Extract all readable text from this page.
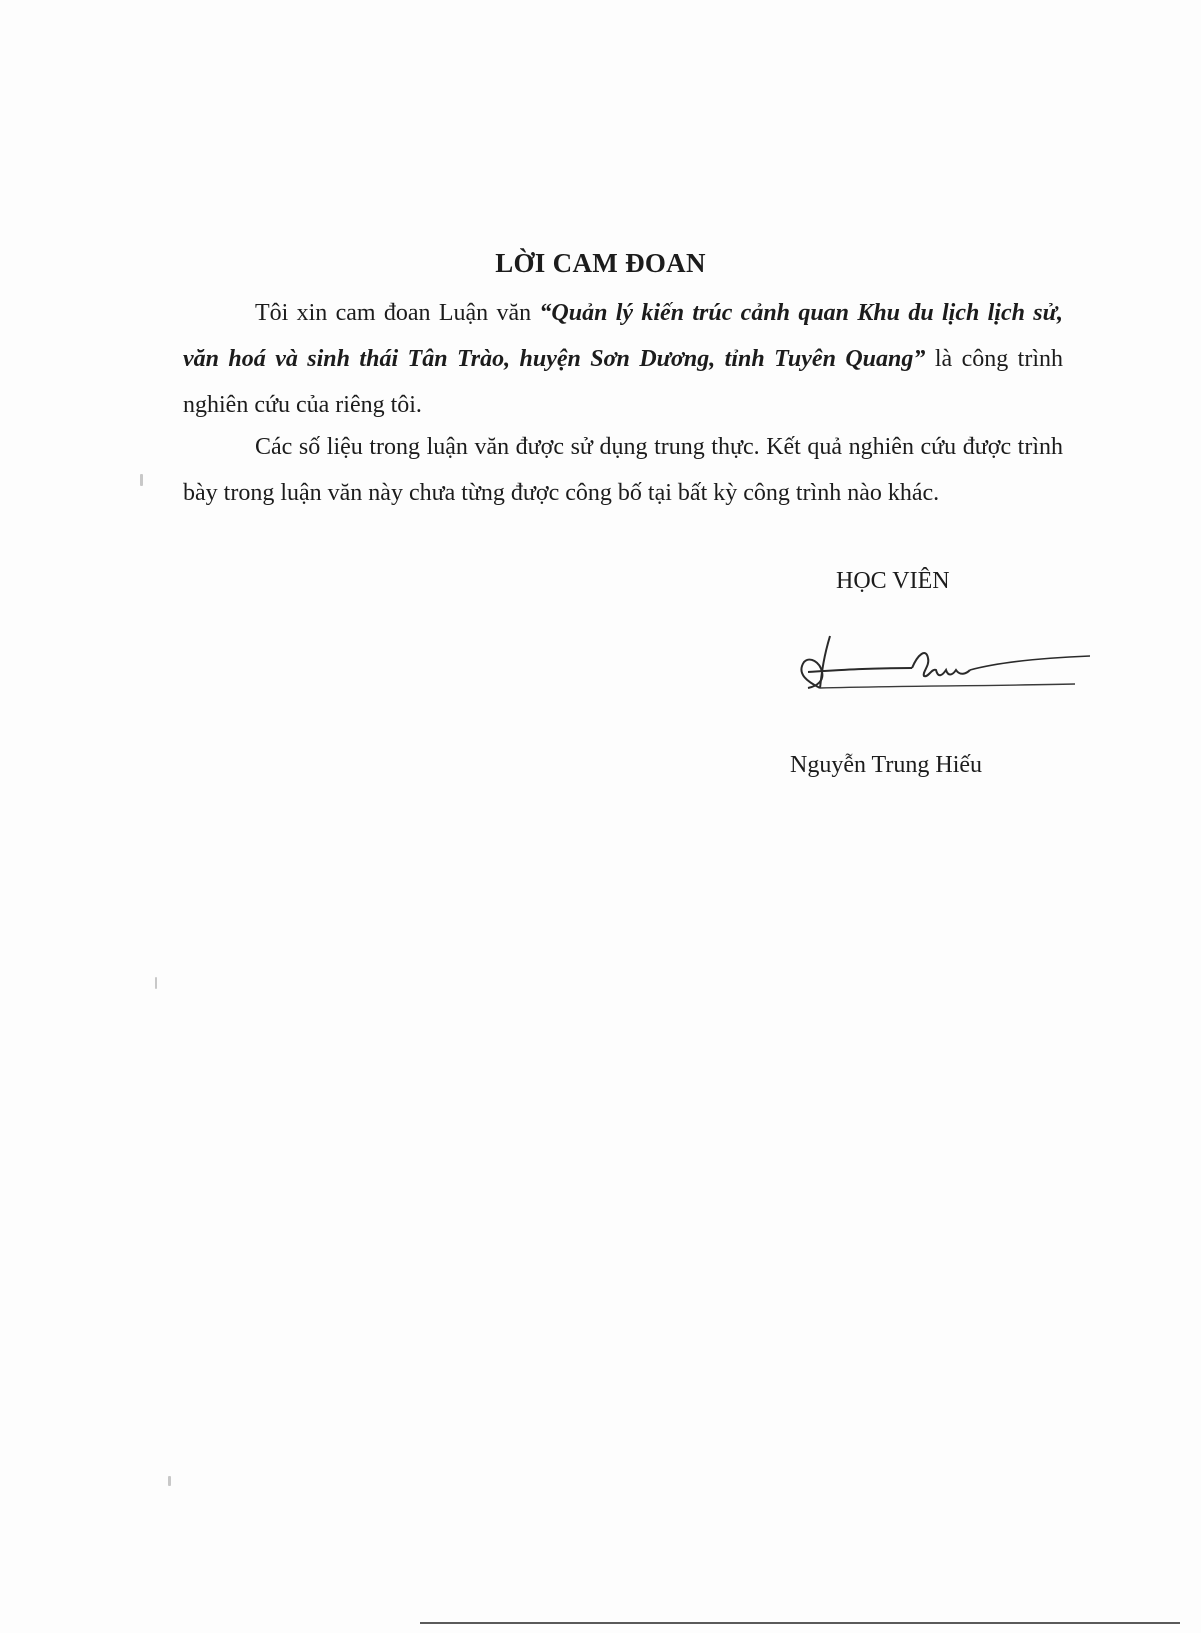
LỜI CAM ĐOAN

Tôi xin cam đoan Luận văn “Quản lý kiến trúc cảnh quan Khu du lịch lịch sử, văn hoá và sinh thái Tân Trào, huyện Sơn Dương, tỉnh Tuyên Quang” là công trình nghiên cứu của riêng tôi.

Các số liệu trong luận văn được sử dụng trung thực. Kết quả nghiên cứu được trình bày trong luận văn này chưa từng được công bố tại bất kỳ công trình nào khác.

HỌC VIÊN
Nguyễn Trung Hiếu
